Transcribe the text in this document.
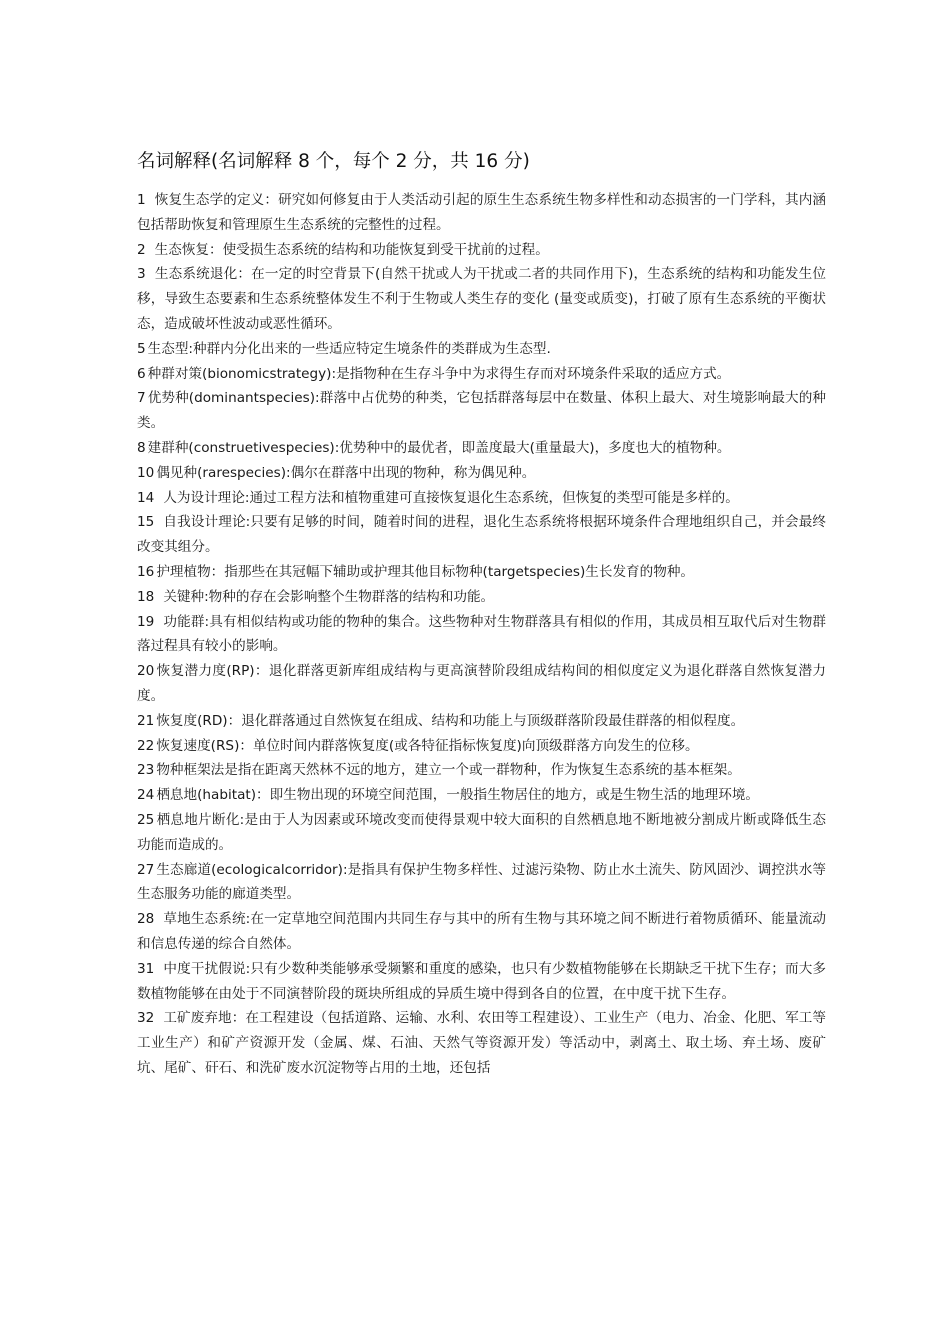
名词解释(名词解释 8 个，每个 2 分，共 16 分)

1 恢复生态学的定义：研究如何修复由于人类活动引起的原生生态系统生物多样性和动态损害的一门学科，其内涵包括帮助恢复和管理原生生态系统的完整性的过程。

2 生态恢复：使受损生态系统的结构和功能恢复到受干扰前的过程。

3 生态系统退化：在一定的时空背景下(自然干扰或人为干扰或二者的共同作用下)，生态系统的结构和功能发生位移，导致生态要素和生态系统整体发生不利于生物或人类生存的变化 (量变或质变)，打破了原有生态系统的平衡状态，造成破坏性波动或恶性循环。

5 生态型:种群内分化出来的一些适应特定生境条件的类群成为生态型.

6 种群对策(bionomicstrategy):是指物种在生存斗争中为求得生存而对环境条件采取的适应方式。

7 优势种(dominantspecies):群落中占优势的种类，它包括群落每层中在数量、体积上最大、对生境影响最大的种类。

8 建群种(construetivespecies):优势种中的最优者，即盖度最大(重量最大)，多度也大的植物种。

10 偶见种(rarespecies):偶尔在群落中出现的物种，称为偶见种。

14 人为设计理论:通过工程方法和植物重建可直接恢复退化生态系统，但恢复的类型可能是多样的。

15 自我设计理论:只要有足够的时间，随着时间的进程，退化生态系统将根据环境条件合理地组织自己，并会最终改变其组分。

16 护理植物：指那些在其冠幅下辅助或护理其他目标物种(targetspecies)生长发育的物种。

18 关键种:物种的存在会影响整个生物群落的结构和功能。

19 功能群:具有相似结构或功能的物种的集合。这些物种对生物群落具有相似的作用，其成员相互取代后对生物群落过程具有较小的影响。

20 恢复潜力度(RP)：退化群落更新库组成结构与更高演替阶段组成结构间的相似度定义为退化群落自然恢复潜力度。

21 恢复度(RD)：退化群落通过自然恢复在组成、结构和功能上与顶级群落阶段最佳群落的相似程度。

22 恢复速度(RS)：单位时间内群落恢复度(或各特征指标恢复度)向顶级群落方向发生的位移。

23 物种框架法是指在距离天然林不远的地方，建立一个或一群物种，作为恢复生态系统的基本框架。

24 栖息地(habitat)：即生物出现的环境空间范围，一般指生物居住的地方，或是生物生活的地理环境。

25 栖息地片断化:是由于人为因素或环境改变而使得景观中较大面积的自然栖息地不断地被分割成片断或降低生态功能而造成的。

27 生态廊道(ecologicalcorridor):是指具有保护生物多样性、过滤污染物、防止水土流失、防风固沙、调控洪水等生态服务功能的廊道类型。

28 草地生态系统:在一定草地空间范围内共同生存与其中的所有生物与其环境之间不断进行着物质循环、能量流动和信息传递的综合自然体。

31 中度干扰假说:只有少数种类能够承受频繁和重度的感染，也只有少数植物能够在长期缺乏干扰下生存；而大多数植物能够在由处于不同演替阶段的斑块所组成的异质生境中得到各自的位置，在中度干扰下生存。

32 工矿废弃地：在工程建设（包括道路、运输、水利、农田等工程建设）、工业生产（电力、冶金、化肥、军工等工业生产）和矿产资源开发（金属、煤、石油、天然气等资源开发）等活动中，剥离土、取土场、弃土场、废矿坑、尾矿、矸石、和洗矿废水沉淀物等占用的土地，还包括
